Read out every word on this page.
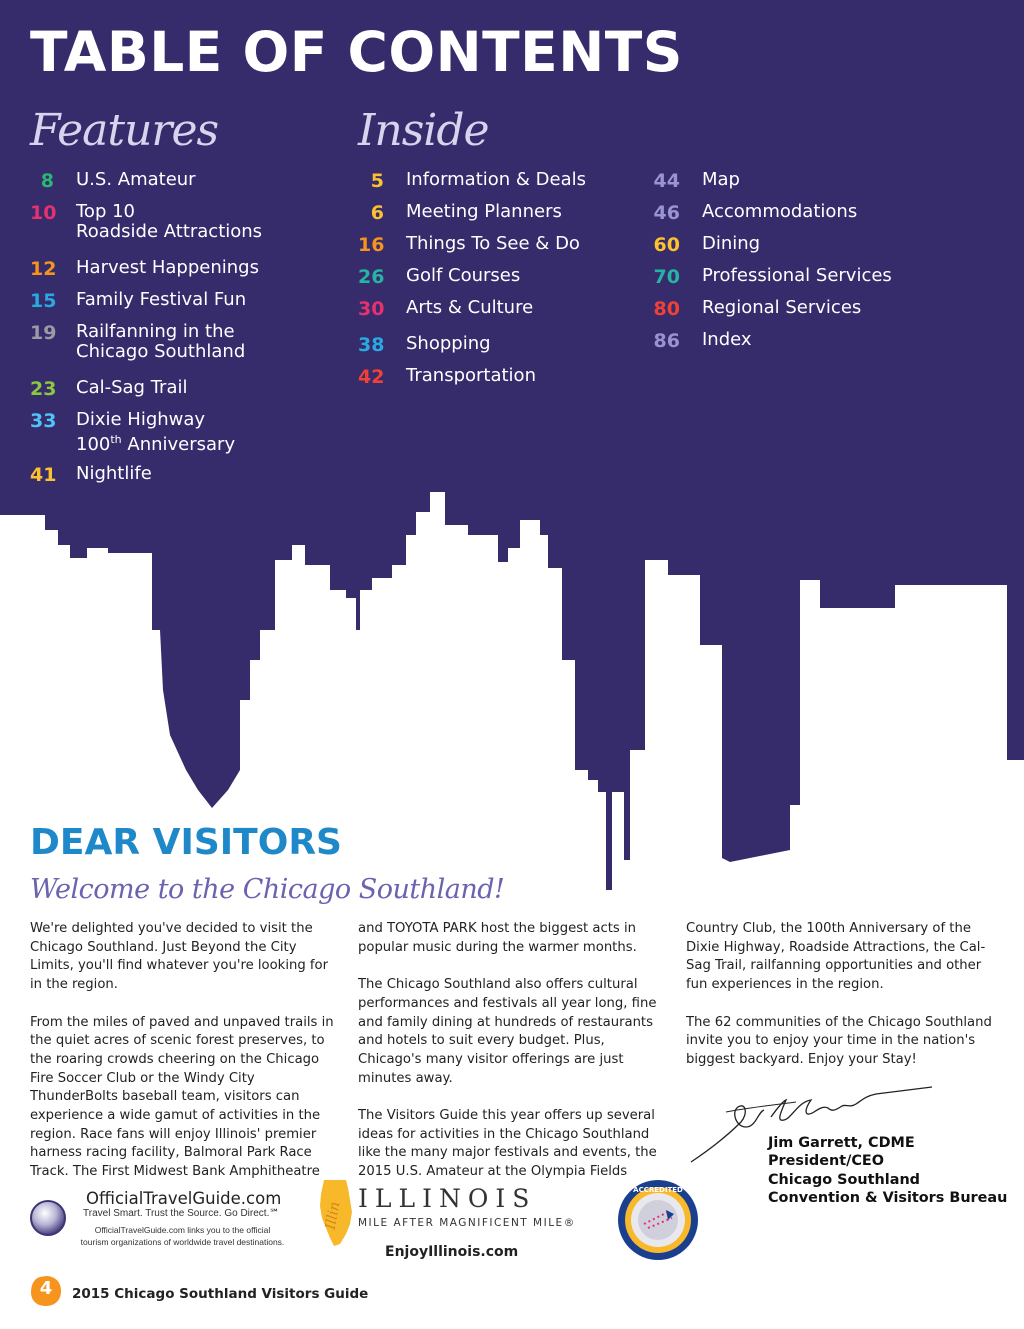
TABLE OF CONTENTS
Features	Inside
8 U.S. Amateur
10 Top 10
Roadside Attractions
12 Harvest Happenings
15 Family Festival Fun
19 Railfanning in the
Chicago Southland
23 Cal-Sag Trail
33 Dixie Highway
100th Anniversary
41 Nightlife
5 Information & Deals
6 Meeting Planners
16 Things To See & Do
26 Golf Courses
30 Arts & Culture
38 Shopping
42 Transportation
44 Map
46 Accommodations
60 Dining
70 Professional Services
80 Regional Services
86 Index
DEAR VISITORS
Welcome to the Chicago Southland!

We're delighted you've decided to visit the Chicago Southland. Just Beyond the City Limits, you'll find whatever you're looking for in the region.

From the miles of paved and unpaved trails in the quiet acres of scenic forest preserves, to the roaring crowds cheering on the Chicago Fire Soccer Club or the Windy City ThunderBolts baseball team, visitors can experience a wide gamut of activities in the region. Race fans will enjoy Illinois' premier harness racing facility, Balmoral Park Race Track. The First Midwest Bank Amphitheatre

and TOYOTA PARK host the biggest acts in popular music during the warmer months.

The Chicago Southland also offers cultural performances and festivals all year long, fine and family dining at hundreds of restaurants and hotels to suit every budget. Plus, Chicago's many visitor offerings are just minutes away.

The Visitors Guide this year offers up several ideas for activities in the Chicago Southland like the many major festivals and events, the 2015 U.S. Amateur at the Olympia Fields

Country Club, the 100th Anniversary of the Dixie Highway, Roadside Attractions, the Cal-Sag Trail, railfanning opportunities and other fun experiences in the region.

The 62 communities of the Chicago Southland invite you to enjoy your time in the nation's biggest backyard. Enjoy your Stay!

Jim Garrett, CDME
President/CEO
Chicago Southland
Convention & Visitors Bureau
OfficialTravelGuide.com
Travel Smart. Trust the Source. Go Direct.℠
OfficialTravelGuide.com links you to the official tourism organizations of worldwide travel destinations.
Illin
ILLINOIS
MILE AFTER MAGNIFICENT MILE®
EnjoyIllinois.com
ACCREDITED
4	2015 Chicago Southland Visitors Guide
